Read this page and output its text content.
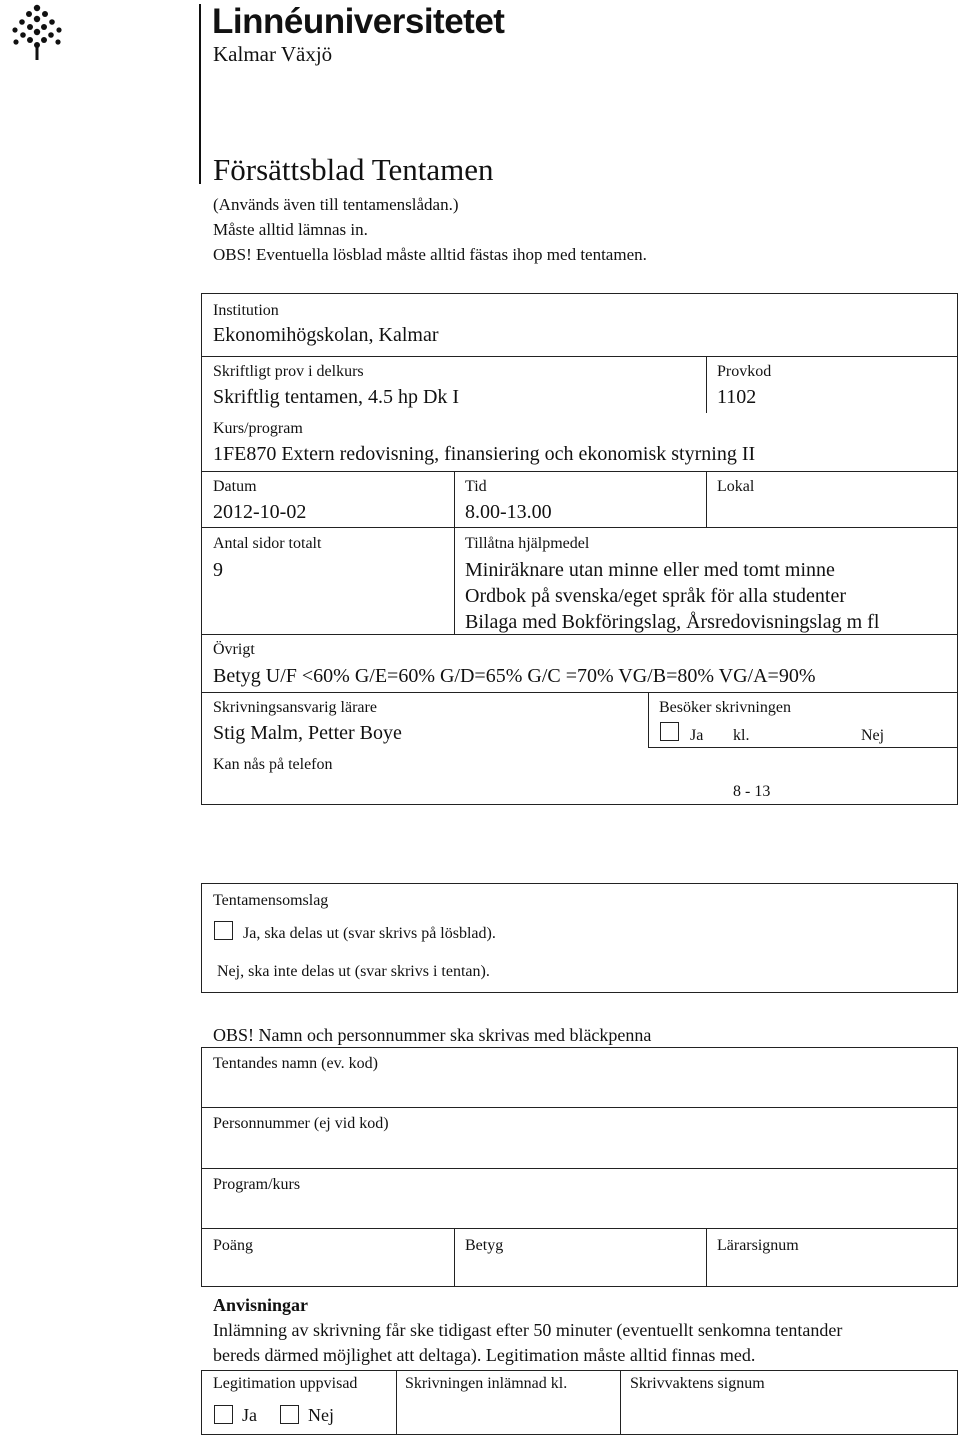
Linnéuniversitetet
Kalmar Växjö
Försättsblad Tentamen
(Används även till tentamenslådan.)
Måste alltid lämnas in.
OBS! Eventuella lösblad måste alltid fästas ihop med tentamen.
Institution
Ekonomihögskolan, Kalmar
Skriftligt prov i delkurs
Skriftlig tentamen, 4.5 hp Dk I
Provkod
1102
Kurs/program
1FE870 Extern redovisning, finansiering och ekonomisk styrning II
Datum
2012-10-02
Tid
8.00-13.00
Lokal
Antal sidor totalt
9
Tillåtna hjälpmedel
Miniräknare utan minne eller med tomt minne
Ordbok på svenska/eget språk för alla studenter
Bilaga med Bokföringslag, Årsredovisningslag m fl
Övrigt
Betyg U/F <60% G/E=60% G/D=65% G/C =70% VG/B=80% VG/A=90%
Skrivningsansvarig lärare
Stig Malm, Petter Boye
Besöker skrivningen
Ja kl.	Nej
Kan nås på telefon
8 - 13
Tentamensomslag
Ja, ska delas ut (svar skrivs på lösblad).
Nej, ska inte delas ut (svar skrivs i tentan).
OBS! Namn och personnummer ska skrivas med bläckpenna
Tentandes namn (ev. kod)
Personnummer (ej vid kod)
Program/kurs
Poäng	Betyg	Lärarsignum
Anvisningar
Inlämning av skrivning får ske tidigast efter 50 minuter (eventuellt senkomna tentander
bereds därmed möjlighet att deltaga). Legitimation måste alltid finnas med.
Legitimation uppvisad
Ja	Nej
Skrivningen inlämnad kl.	Skrivvaktens signum
